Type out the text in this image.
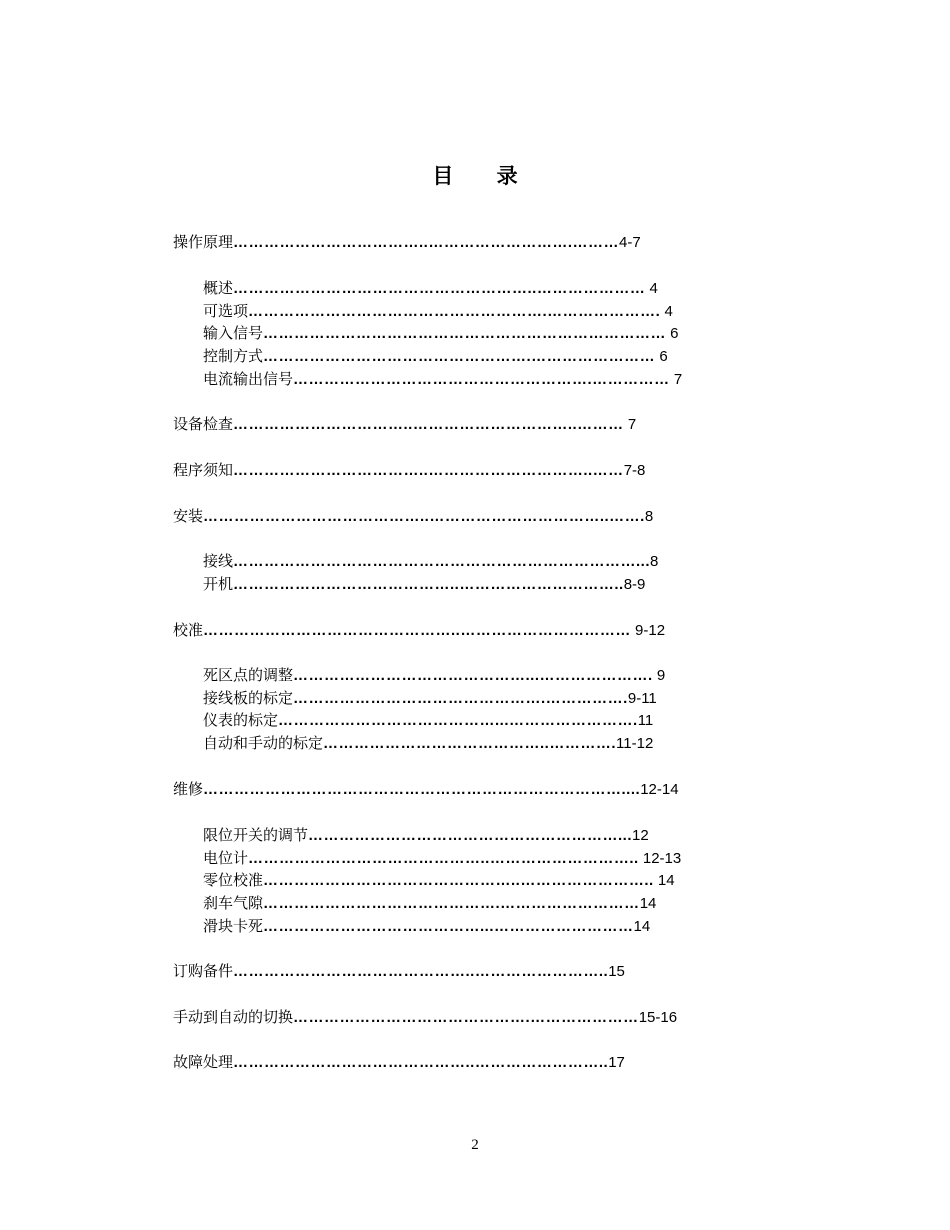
目 录
操作原理………………………………..……………………….………4-7
概述…………………………………………………..………………… 4
可选项………………………………………………….…………………. 4
输入信号…………………………………………………………………… 6
控制方式…………………………………………….…………………… 6
电流输出信号………………………………………………….…………… 7
设备检查……………………………..…………………………..……… 7
程序须知………………………………..…………………………..……7-8
安装……………………………………..……………………………..…….8
接线……………………………………………………………………...8
开机……………………………………..…………………………..8-9
校准…………………………………………..…………………………… 9-12
死区点的调整………………………………………...…………………. 9
接线板的标定………………………………………….…………….9-11
仪表的标定……………………………………...…………………….11
自动和手动的标定……………………………………..………….11-12
维修………………………………………………………………………....12-14
限位开关的调节……………………………………………………...12
电位计………………………………………..……………………….. 12-13
零位校准…………………………………………..…………………….. 14
刹车气隙……………………………………….………………………14
滑块卡死……………………………………...………………………14
订购备件………………………………………..……………………..15
手动到自动的切换……………………………………….…………………15-16
故障处理………………………………………..……………………..17
2
